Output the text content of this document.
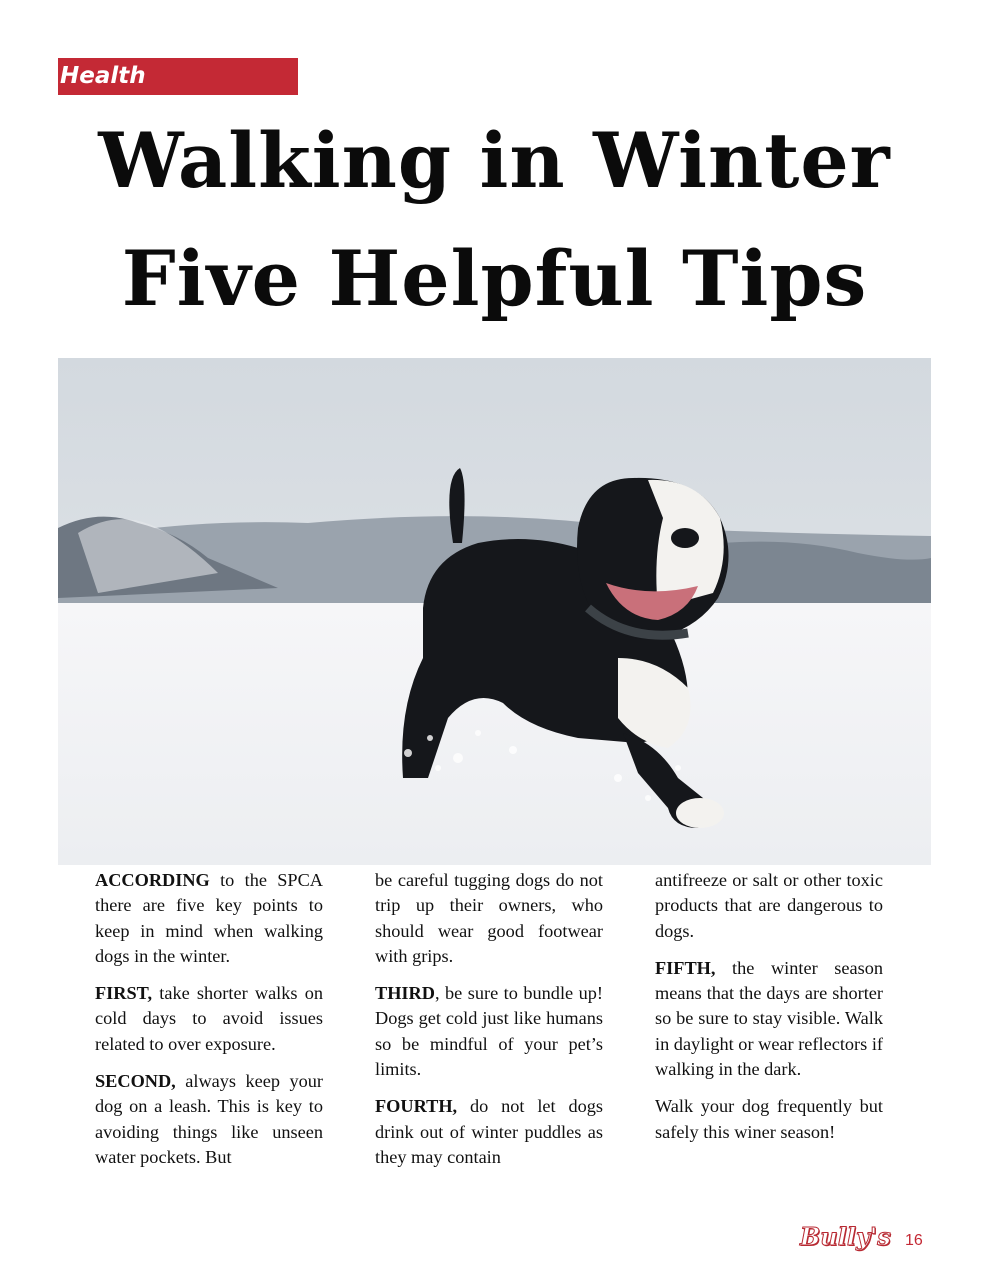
Health
Walking in Winter
Five Helpful Tips

ACCORDING to the SPCA there are five key points to keep in mind when walking dogs in the winter.

FIRST, take shorter walks on cold days to avoid issues related to over exposure.

SECOND, always keep your dog on a leash. This is key to avoiding things like unseen water pockets. But

be careful tugging dogs do not trip up their owners, who should wear good footwear with grips.

THIRD, be sure to bundle up! Dogs get cold just like humans so be mindful of your pet’s limits.

FOURTH, do not let dogs drink out of winter puddles as they may contain

antifreeze or salt or other toxic products that are dangerous to dogs.

FIFTH, the winter season means that the days are shorter so be sure to stay visible. Walk in daylight or wear reflectors if walking in the dark.

Walk your dog frequently but safely this winer season!

Bully's 16
